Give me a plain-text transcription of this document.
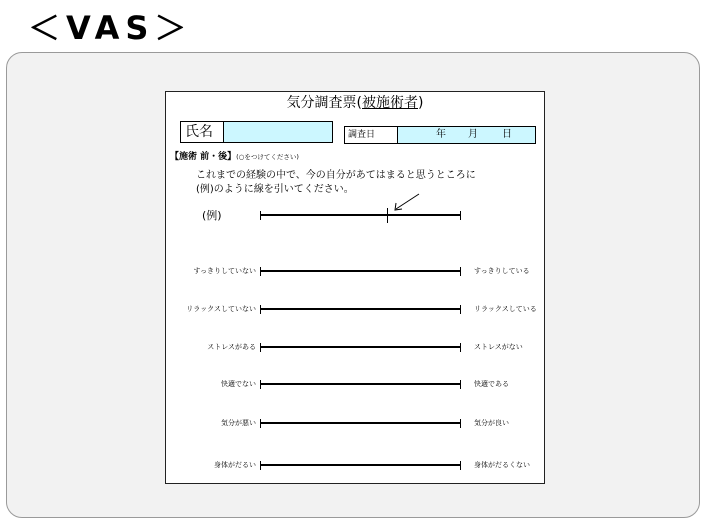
＜VAS＞
気分調査票(被施術者)
氏名	調査日	年 月 日
【施術 前・後】(○をつけてください)
これまでの経験の中で、今の自分があてはまると思うところに
(例)のように線を引いてください。
(例)
すっきりしていない	すっきりしている
リラックスしていない	リラックスしている
ストレスがある	ストレスがない
快適でない	快適である
気分が悪い	気分が良い
身体がだるい	身体がだるくない
